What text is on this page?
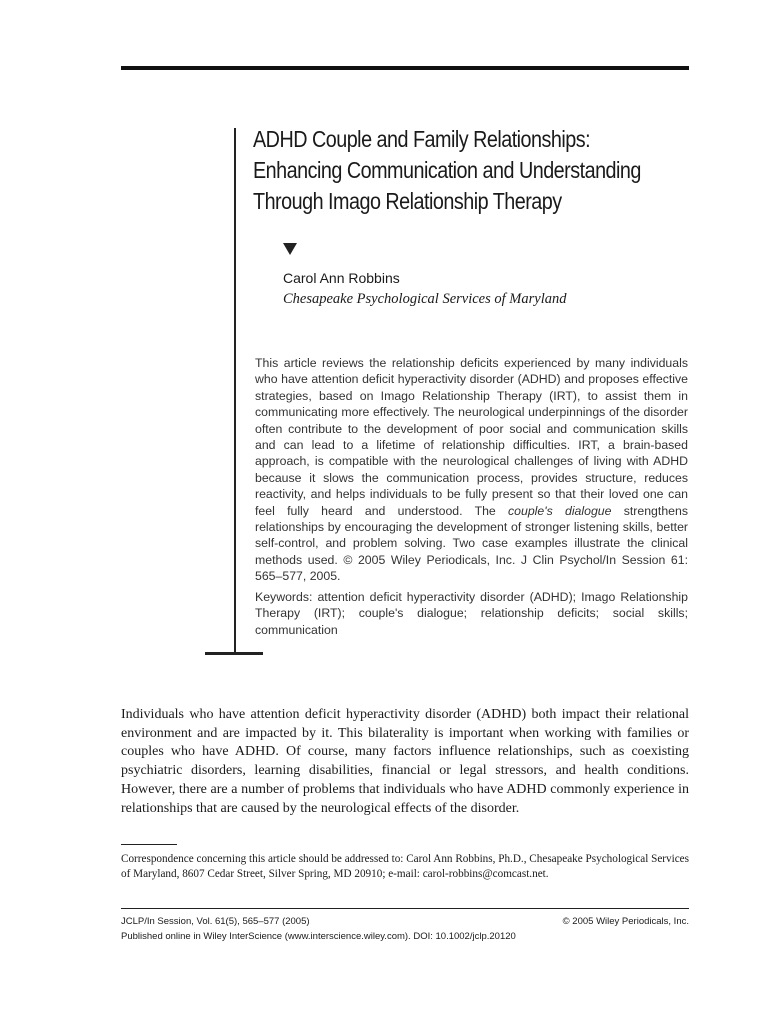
ADHD Couple and Family Relationships:
Enhancing Communication and Understanding
Through Imago Relationship Therapy
Carol Ann Robbins
Chesapeake Psychological Services of Maryland

This article reviews the relationship deficits experienced by many individuals who have attention deficit hyperactivity disorder (ADHD) and proposes effective strategies, based on Imago Relationship Therapy (IRT), to assist them in communicating more effectively. The neurological underpinnings of the disorder often contribute to the development of poor social and communication skills and can lead to a lifetime of relationship difficulties. IRT, a brain-based approach, is compatible with the neurological challenges of living with ADHD because it slows the communication process, provides structure, reduces reactivity, and helps individuals to be fully present so that their loved one can feel fully heard and understood. The couple's dialogue strengthens relationships by encouraging the development of stronger listening skills, better self-control, and problem solving. Two case examples illustrate the clinical methods used. © 2005 Wiley Periodicals, Inc. J Clin Psychol/In Session 61: 565–577, 2005.

Keywords: attention deficit hyperactivity disorder (ADHD); Imago Relationship Therapy (IRT); couple's dialogue; relationship deficits; social skills; communication

Individuals who have attention deficit hyperactivity disorder (ADHD) both impact their relational environment and are impacted by it. This bilaterality is important when working with families or couples who have ADHD. Of course, many factors influence relationships, such as coexisting psychiatric disorders, learning disabilities, financial or legal stressors, and health conditions. However, there are a number of problems that individuals who have ADHD commonly experience in relationships that are caused by the neurological effects of the disorder.

Correspondence concerning this article should be addressed to: Carol Ann Robbins, Ph.D., Chesapeake Psychological Services of Maryland, 8607 Cedar Street, Silver Spring, MD 20910; e-mail: carol-robbins@comcast.net.

JCLP/In Session, Vol. 61(5), 565–577 (2005)	© 2005 Wiley Periodicals, Inc.
Published online in Wiley InterScience (www.interscience.wiley.com). DOI: 10.1002/jclp.20120
